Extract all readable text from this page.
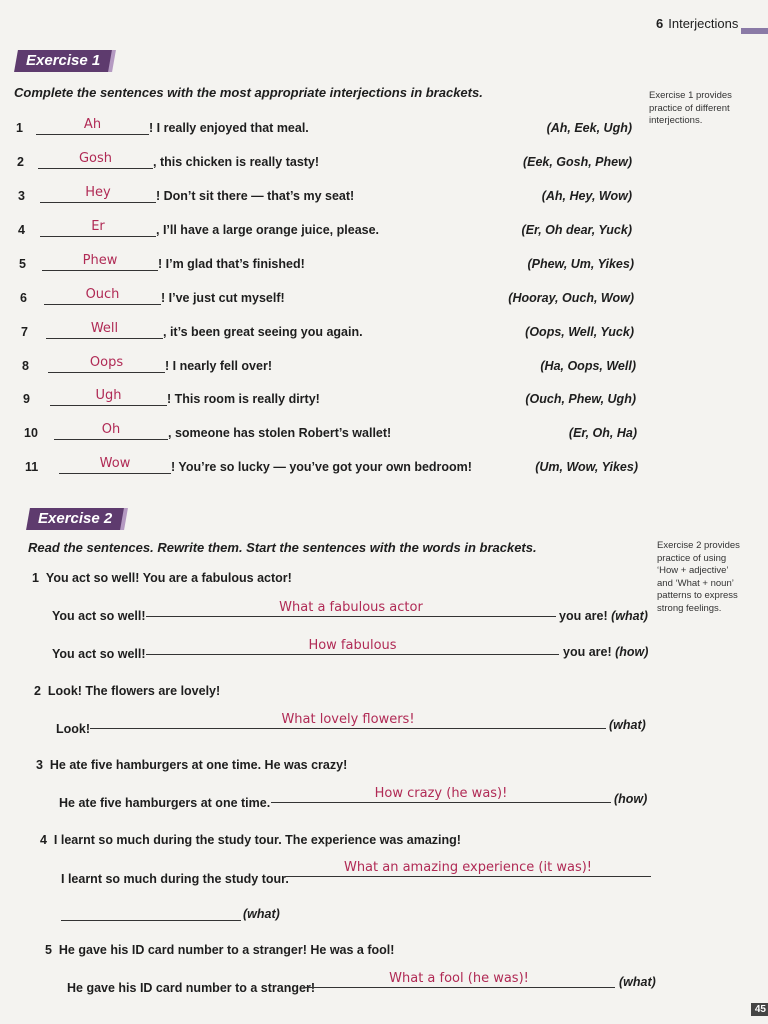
6 Interjections
Exercise 1
Complete the sentences with the most appropriate interjections in brackets.	Exercise 1 provides
practice of different
interjections.
1	Ah	! I really enjoyed that meal.	(Ah, Eek, Ugh)
2	Gosh	, this chicken is really tasty!	(Eek, Gosh, Phew)
3	Hey	! Don’t sit there — that’s my seat!	(Ah, Hey, Wow)
4	Er	, I’ll have a large orange juice, please.	(Er, Oh dear, Yuck)
5	Phew	! I’m glad that’s finished!	(Phew, Um, Yikes)
6	Ouch	! I’ve just cut myself!	(Hooray, Ouch, Wow)
7	Well	, it’s been great seeing you again.	(Oops, Well, Yuck)
8	Oops	! I nearly fell over!	(Ha, Oops, Well)
9	Ugh	! This room is really dirty!	(Ouch, Phew, Ugh)
10	Oh	, someone has stolen Robert’s wallet!	(Er, Oh, Ha)
11	Wow	! You’re so lucky — you’ve got your own bedroom!	(Um, Wow, Yikes)
Exercise 2
Read the sentences. Rewrite them. Start the sentences with the words in brackets.	Exercise 2 provides
practice of using
‘How + adjective’
and ‘What + noun’
patterns to express
strong feelings.
1 You act so well! You are a fabulous actor!
You act so well!
What a fabulous actor
you are! (what)
You act so well!
How fabulous	you are! (how)
2 Look! The flowers are lovely!
Look!
What lovely flowers!	(what)
3 He ate five hamburgers at one time. He was crazy!
He ate five hamburgers at one time.
How crazy (he was)!	(how)
4 I learnt so much during the study tour. The experience was amazing!
I learnt so much during the study tour.
What an amazing experience (it was)!
(what)
5 He gave his ID card number to a stranger! He was a fool!
He gave his ID card number to a stranger!
What a fool (he was)!	(what)
45
